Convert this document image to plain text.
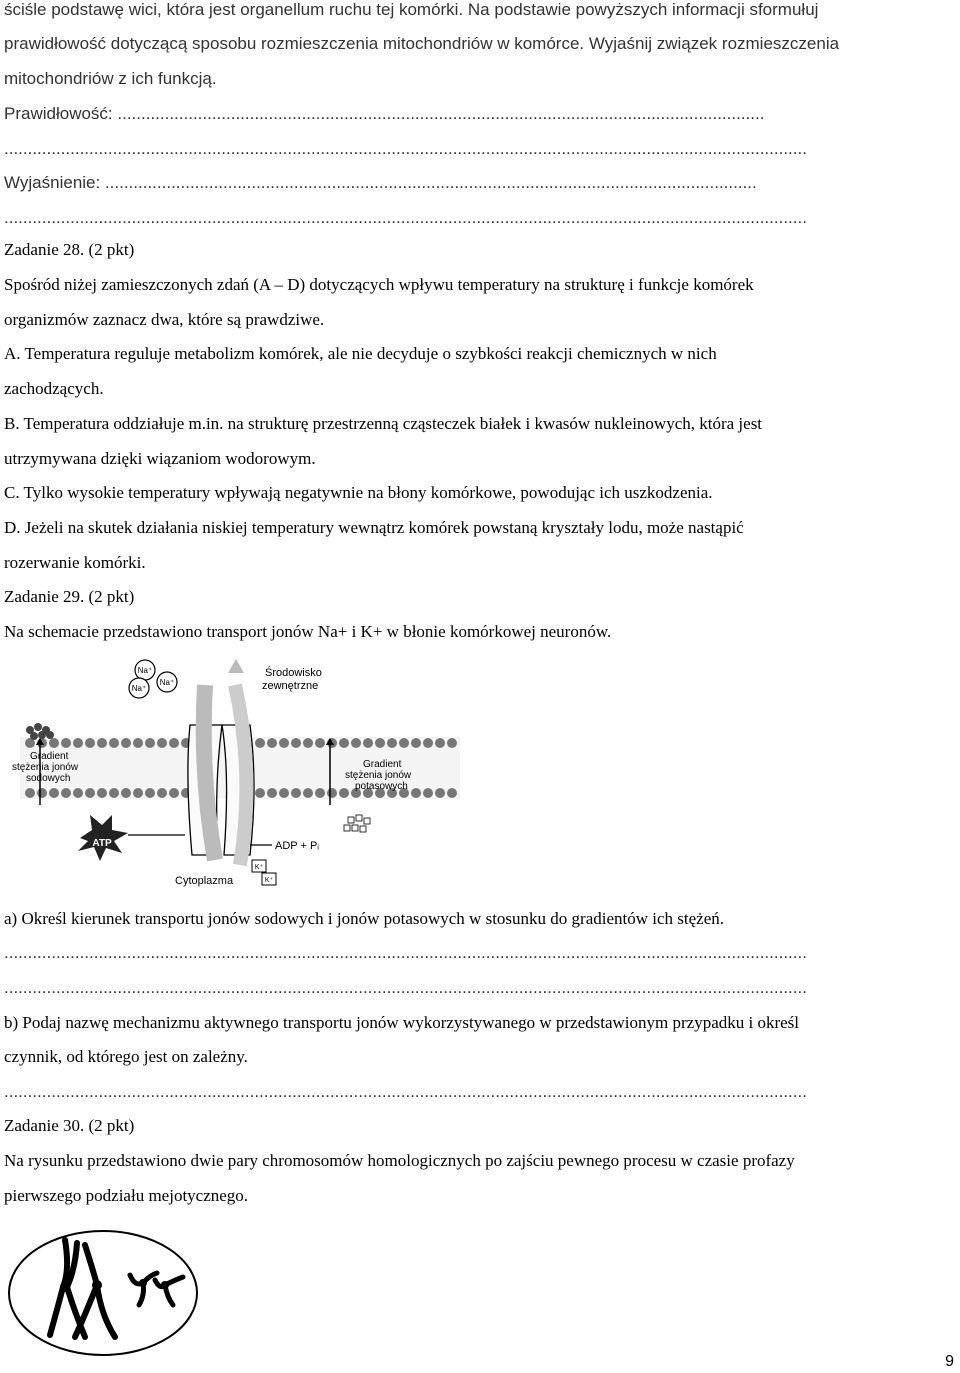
ściśle podstawę wici, która jest organellum ruchu tej komórki. Na podstawie powyższych informacji sformułuj
prawidłowość dotyczącą sposobu rozmieszczenia mitochondriów w komórce. Wyjaśnij związek rozmieszczenia
mitochondriów z ich funkcją.
Prawidłowość: .........................................................................................................................................
..........................................................................................................................................................................
Wyjaśnienie: ..........................................................................................................................................
..........................................................................................................................................................................
Zadanie 28. (2 pkt)
Spośród niżej zamieszczonych zdań (A – D) dotyczących wpływu temperatury na strukturę i funkcje komórek
organizmów zaznacz dwa, które są prawdziwe.
A. Temperatura reguluje metabolizm komórek, ale nie decyduje o szybkości reakcji chemicznych w nich
zachodzących.
B. Temperatura oddziałuje m.in. na strukturę przestrzenną cząsteczek białek i kwasów nukleinowych, która jest
utrzymywana dzięki wiązaniom wodorowym.
C. Tylko wysokie temperatury wpływają negatywnie na błony komórkowe, powodując ich uszkodzenia.
D. Jeżeli na skutek działania niskiej temperatury wewnątrz komórek powstaną kryształy lodu, może nastąpić
rozerwanie komórki.
Zadanie 29. (2 pkt)
Na schemacie przedstawiono transport jonów Na+ i K+ w błonie komórkowej neuronów.
Na⁺
Na⁺
Na⁺
Środowisko
zewnętrzne
Gradient
stężenia jonów
sodowych
Gradient
stężenia jonów
potasowych
ATP	ADP + Pᵢ
K⁺
K⁺
Cytoplazma
a) Określ kierunek transportu jonów sodowych i jonów potasowych w stosunku do gradientów ich stężeń.
..........................................................................................................................................................................
..........................................................................................................................................................................
b) Podaj nazwę mechanizmu aktywnego transportu jonów wykorzystywanego w przedstawionym przypadku i określ
czynnik, od którego jest on zależny.
..........................................................................................................................................................................
Zadanie 30. (2 pkt)
Na rysunku przedstawiono dwie pary chromosomów homologicznych po zajściu pewnego procesu w czasie profazy
pierwszego podziału mejotycznego.
9
